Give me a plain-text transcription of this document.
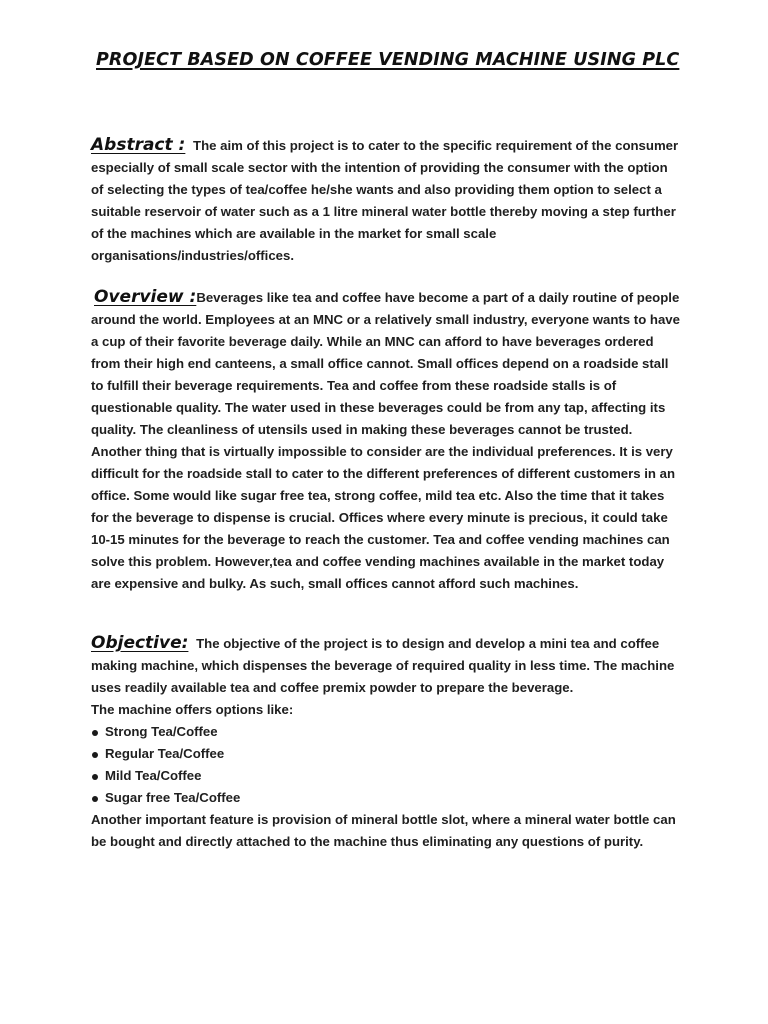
PROJECT BASED ON COFFEE VENDING MACHINE USING PLC

Abstract : The aim of this project is to cater to the specific requirement of the consumer especially of small scale sector with the intention of providing the consumer with the option of selecting the types of tea/coffee he/she wants and also providing them option to select a suitable reservoir of water such as a 1 litre mineral water bottle thereby moving a step further of the machines which are available in the market for small scale organisations/industries/offices.

Overview :Beverages like tea and coffee have become a part of a daily routine of people around the world. Employees at an MNC or a relatively small industry, everyone wants to have a cup of their favorite beverage daily. While an MNC can afford to have beverages ordered from their high end canteens, a small office cannot. Small offices depend on a roadside stall to fulfill their beverage requirements. Tea and coffee from these roadside stalls is of questionable quality. The water used in these beverages could be from any tap, affecting its quality. The cleanliness of utensils used in making these beverages cannot be trusted. Another thing that is virtually impossible to consider are the individual preferences. It is very difficult for the roadside stall to cater to the different preferences of different customers in an office. Some would like sugar free tea, strong coffee, mild tea etc. Also the time that it takes for the beverage to dispense is crucial. Offices where every minute is precious, it could take 10-15 minutes for the beverage to reach the customer. Tea and coffee vending machines can solve this problem. However,tea and coffee vending machines available in the market today are expensive and bulky. As such, small offices cannot afford such machines.

Objective: The objective of the project is to design and develop a mini tea and coffee making machine, which dispenses the beverage of required quality in less time. The machine uses readily available tea and coffee premix powder to prepare the beverage.
The machine offers options like:
Strong Tea/Coffee
Regular Tea/Coffee
Mild Tea/Coffee
Sugar free Tea/Coffee
Another important feature is provision of mineral bottle slot, where a mineral water bottle can be bought and directly attached to the machine thus eliminating any questions of purity.
